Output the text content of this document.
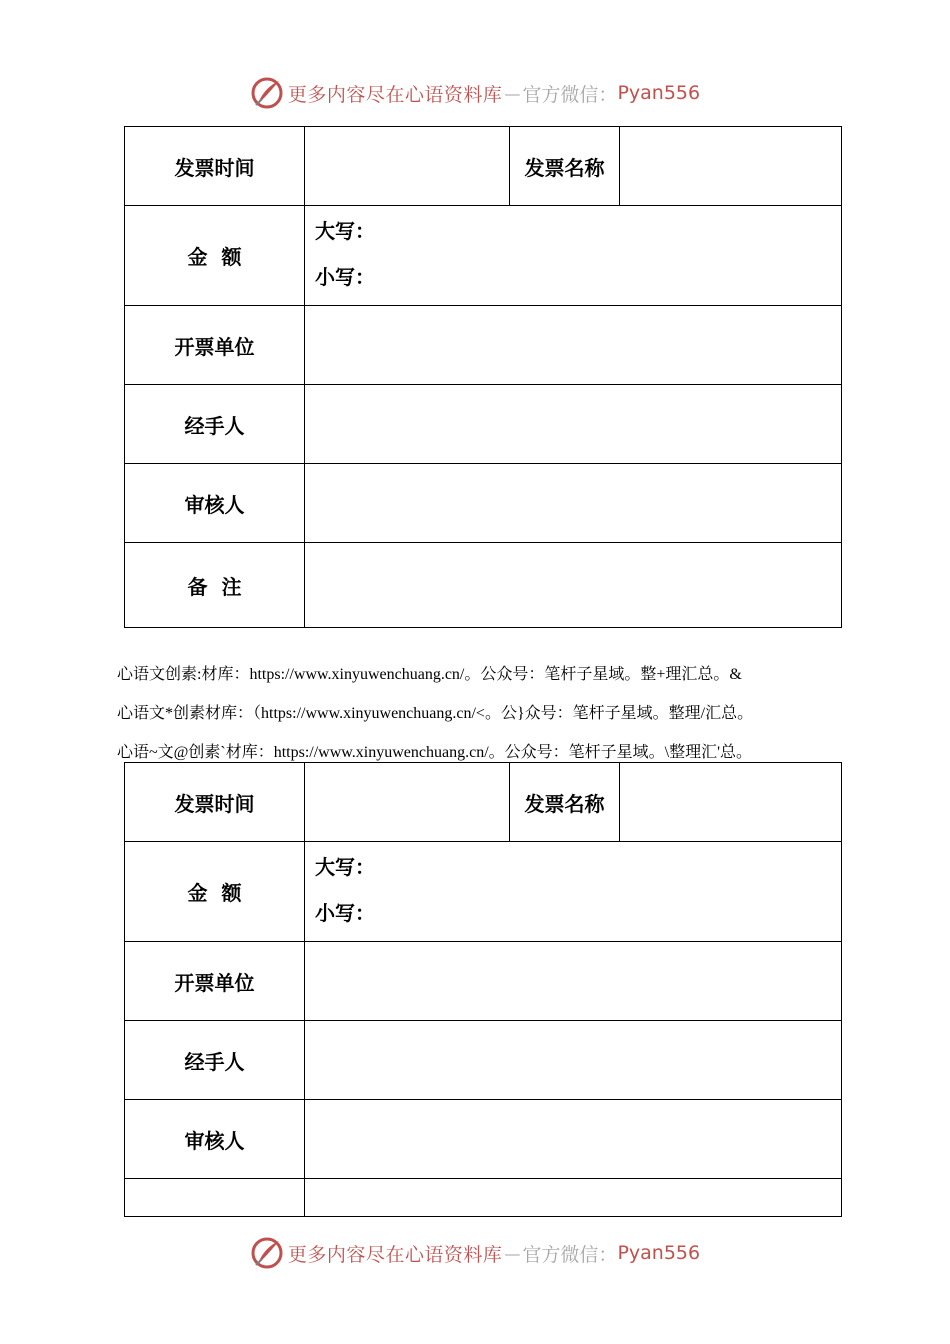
更多内容尽在心语资料库 — 官方微信： Pyan556
发票时间		发票名称	
金  额	大写：
小写：		

开票单位			
经手人			
审核人			
备  注			
心语文创素:材库：https://www.xinyuwenchuang.cn/。公众号：笔杆子星域。整+理汇总。&
心语文*创素材库：（https://www.xinyuwenchuang.cn/<。公}众号：笔杆子星域。整理/汇总。
心语~文@创素`材库：https://www.xinyuwenchuang.cn/。公众号：笔杆子星域。\整理汇'总。
发票时间		发票名称	
金  额	大写：
小写：		

开票单位			
经手人			
审核人			

更多内容尽在心语资料库 — 官方微信： Pyan556
